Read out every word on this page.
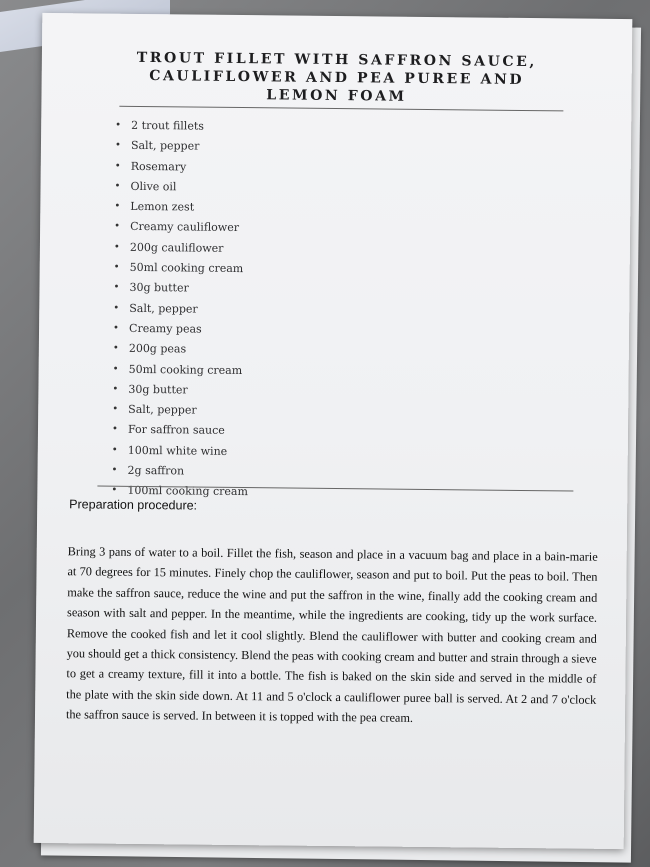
TROUT FILLET WITH SAFFRON SAUCE,
CAULIFLOWER AND PEA PUREE AND
LEMON FOAM
• 2 trout fillets
• Salt, pepper
• Rosemary
• Olive oil
• Lemon zest
• Creamy cauliflower
• 200g cauliflower
• 50ml cooking cream
• 30g butter
• Salt, pepper
• Creamy peas
• 200g peas
• 50ml cooking cream
• 30g butter
• Salt, pepper
• For saffron sauce
• 100ml white wine
• 2g saffron
• 100ml cooking cream
Preparation procedure:
Bring 3 pans of water to a boil. Fillet the fish, season and place in a vacuum bag and place in a bain-marie at 70 degrees for 15 minutes. Finely chop the cauliflower, season and put to boil. Put the peas to boil. Then make the saffron sauce, reduce the wine and put the saffron in the wine, finally add the cooking cream and season with salt and pepper. In the meantime, while the ingredients are cooking, tidy up the work surface. Remove the cooked fish and let it cool slightly. Blend the cauliflower with butter and cooking cream and you should get a thick consistency. Blend the peas with cooking cream and butter and strain through a sieve to get a creamy texture, fill it into a bottle. The fish is baked on the skin side and served in the middle of the plate with the skin side down. At 11 and 5 o'clock a cauliflower puree ball is served. At 2 and 7 o'clock the saffron sauce is served. In between it is topped with the pea cream.
